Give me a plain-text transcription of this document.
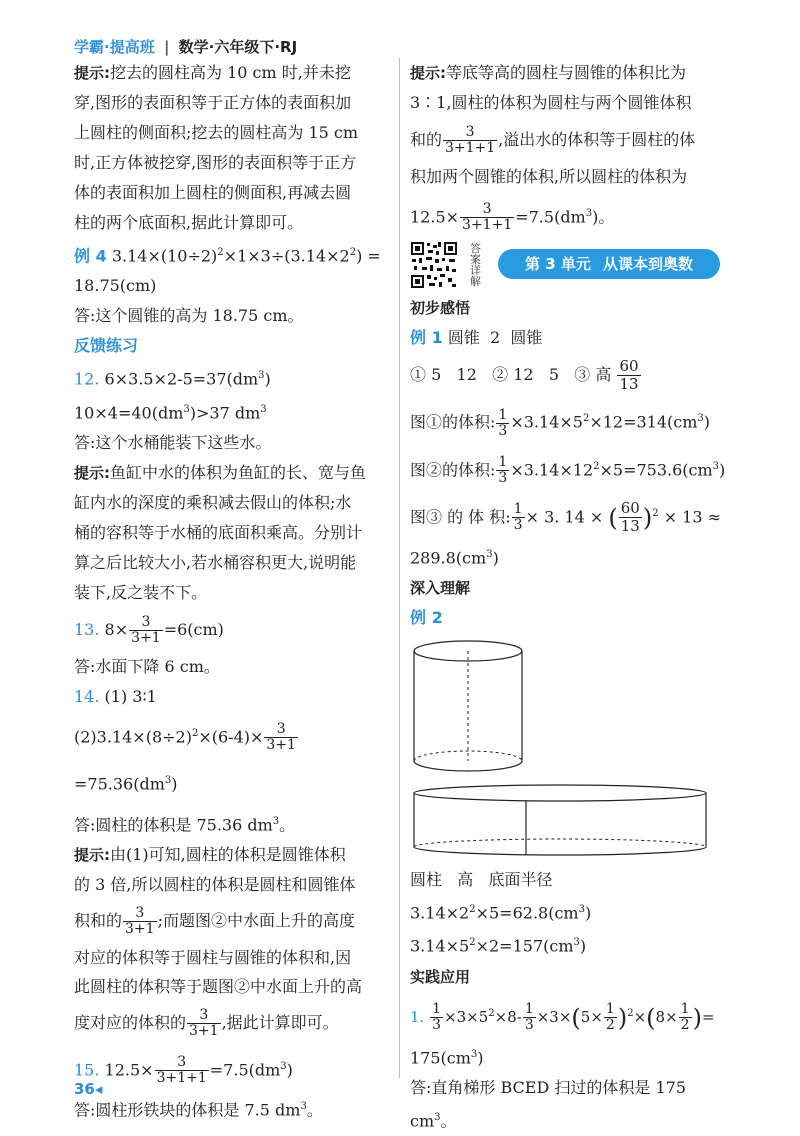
学霸·提高班 | 数学·六年级下·RJ

提示:挖去的圆柱高为 10 cm 时,并未挖
穿,图形的表面积等于正方体的表面积加
上圆柱的侧面积;挖去的圆柱高为 15 cm
时,正方体被挖穿,图形的表面积等于正方
体的表面积加上圆柱的侧面积,再减去圆
柱的两个底面积,据此计算即可。

例 4 $3.14\times(10\div 2)^2\times 1\times 3\div(3.14\times 2^2)$ =
18.75(cm)

答:这个圆锥的高为 18.75 cm。

反馈练习

12. $6\times 3.5\times 2-5=37(dm^3)$
$10\times 4=40(dm^3)>37$ $dm^3$

答:这个水桶能装下这些水。

提示:鱼缸中水的体积为鱼缸的长、宽与鱼
缸内水的深度的乘积减去假山的体积;水
桶的容积等于水桶的底面积乘高。分别计
算之后比较大小,若水桶容积更大,说明能
装下,反之装不下。

13. $8\times \frac{3}{3+1} =6(cm)$

答:水面下降 6 cm。

14. (1) 3∶1

$(2)3.14\times(8\div 2)^2\times(6-4)\times \frac{3}{3+1}$
$=75.36(dm^3)$

答:圆柱的体积是 75.36 $dm^3$。

提示:由(1)可知,圆柱的体积是圆锥体积
的 3 倍,所以圆柱的体积是圆柱和圆锥体
积和的 $\frac{3}{3+1}$ ;而题图②中水面上升的高度
对应的体积等于圆柱与圆锥的体积和,因
此圆柱的体积等于题图②中水面上升的高
度对应的体积的 $\frac{3}{3+1}$ ,据此计算即可。

15. $12.5\times \frac{3}{3+1+1} =7.5(dm^3)$

答:圆柱形铁块的体积是 7.5 $dm^3$。

提示:等底等高的圆柱与圆锥的体积比为
3∶1,圆柱的体积为圆柱与两个圆锥体积
和的 $\frac{3}{3+1+1}$ ,溢出水的体积等于圆柱的体
积加两个圆锥的体积,所以圆柱的体积为
$12.5\times \frac{3}{3+1+1} =7.5(dm^3)$。

答案详解
第 3 单元 从课本到奥数

初步感悟

例 1 圆锥  2  圆锥

① 5   12   ② 12   5   ③ 高 $\frac{60}{13}$

图①的体积: $\frac{1}{3} \times 3.14\times 5^2\times 12=314(cm^3)$

图②的体积: $\frac{1}{3} \times 3.14\times 12^2\times 5=753.6(cm^3)$

图③ 的 体 积: $\frac{1}{3} \times 3$. 14 × ( $\frac{60}{13} )^2 \times 13$ ≈

$289.8(cm^3)$

深入理解

例 2

圆柱   高   底面半径

$3.14\times 2^2\times 5=62.8(cm^3)$

$3.14\times 5^2\times 2=157(cm^3)$

实践应用

1. $\frac{1}{3} \times 3\times 5^2\times 8- \frac{1}{3} \times 3\times(5\times \frac{1}{2} )^2\times(8\times \frac{1}{2}$ )=

$175(cm^3)$

答:直角梯形 BCED 扫过的体积是 175 $cm^3$。

36◂
